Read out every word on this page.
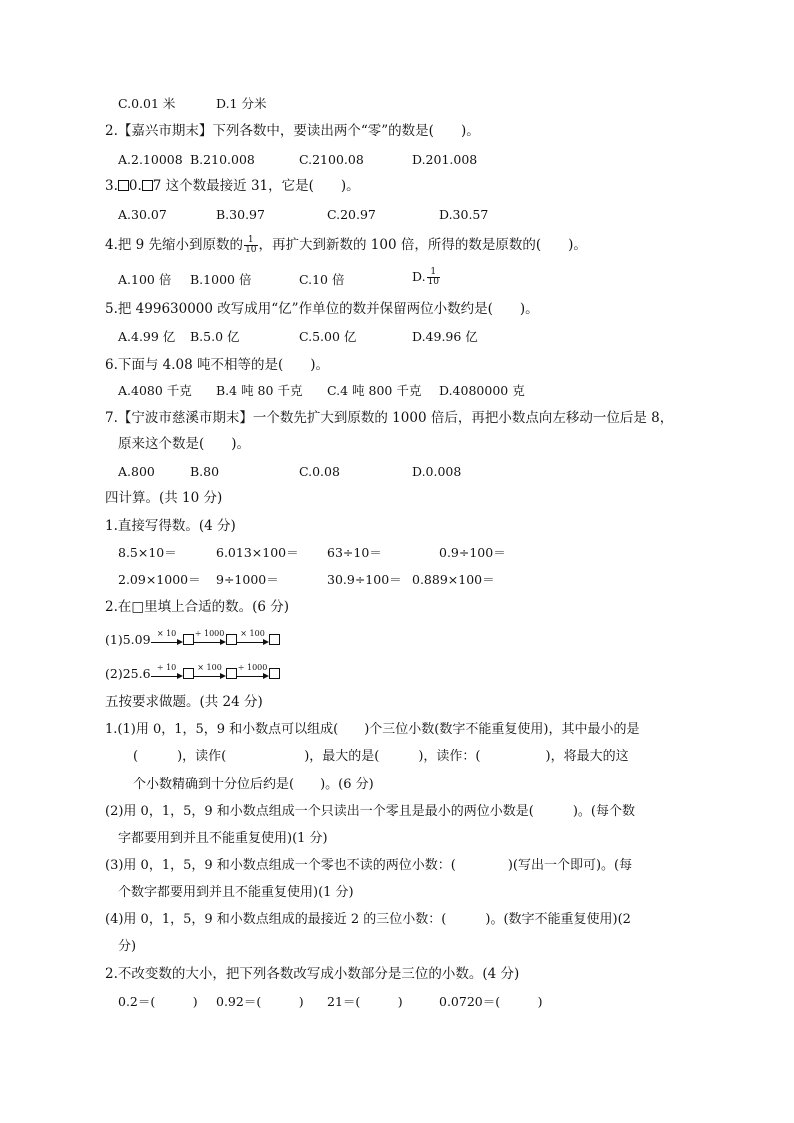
C.0.01 米	D.1 分米
2.【嘉兴市期末】下列各数中，要读出两个“零”的数是(　　)。
A.2.10008 B.210.008	C.2100.08	D.201.008
3. 0. 7 这个数最接近 31，它是(　　)。
A.30.07	B.30.97	C.20.97	D.30.57
4.把 9 先缩小到原数的 $\frac{1}{10}$ ，再扩大到新数的 100 倍，所得的数是原数的(　　)。
A.100 倍 B.1000 倍	C.10 倍	D. $\frac{1}{10}$
5.把 499630000 改写成用“亿”作单位的数并保留两位小数约是(　　)。
A.4.99 亿 B.5.0 亿	C.5.00 亿	D.49.96 亿
6.下面与 4.08 吨不相等的是(　　)。
A.4080 千克 B.4 吨 80 千克 C.4 吨 800 千克 D.4080000 克
7.【宁波市慈溪市期末】一个数先扩大到原数的 1000 倍后，再把小数点向左移动一位后是 8，
原来这个数是(　　)。
A.800	B.80	C.0.08	D.0.008
四计算。(共 10 分)
1.直接写得数。(4 分)
8.5×10＝	6.013×100＝ 63÷10＝	0.9÷100＝
2.09×1000＝ 9÷1000＝	30.9÷100＝ 0.889×100＝
2.在□里填上合适的数。(6 分)
(1)5.09 × 10	÷ 1000	× 100
(2)25.6 ÷ 10	× 100	÷ 1000
五按要求做题。(共 24 分)
1.(1)用 0，1，5，9 和小数点可以组成(　　)个三位小数(数字不能重复使用)，其中最小的是
(　　　)，读作(　　　　　　)，最大的是(　　　)，读作：(　　　　　)，将最大的这
个小数精确到十分位后约是(　　)。(6 分)
(2)用 0，1，5，9 和小数点组成一个只读出一个零且是最小的两位小数是(　　　)。(每个数
字都要用到并且不能重复使用)(1 分)
(3)用 0，1，5，9 和小数点组成一个零也不读的两位小数：(　　　　)(写出一个即可)。(每
个数字都要用到并且不能重复使用)(1 分)
(4)用 0，1，5，9 和小数点组成的最接近 2 的三位小数：(　　　)。(数字不能重复使用)(2
分)
2.不改变数的大小，把下列各数改写成小数部分是三位的小数。(4 分)
0.2＝(　　　) 0.92＝(　　　) 21＝(　　　)	0.0720＝(　　　)
